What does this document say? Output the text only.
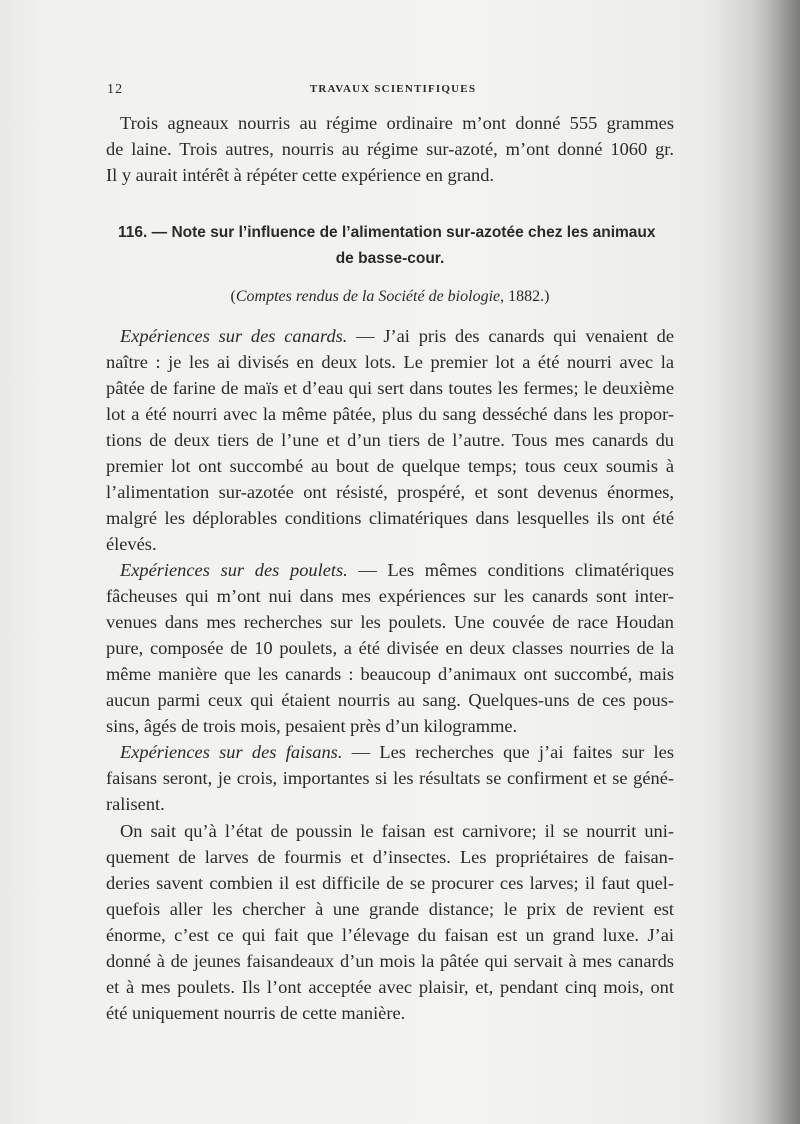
1 2	TRAVAUX SCIENTIFIQUES
Trois agneaux nourris au régime ordinaire m’ont donné 555 grammes
de laine. Trois autres, nourris au régime sur-azoté, m’ont donné 1060 gr.
Il y aurait intérêt à répéter cette expérience en grand.
116. — Note sur l’influence de l’alimentation sur-azotée chez les animaux
de basse-cour.
(Comptes rendus de la Société de biologie, 1882.)
Expériences sur des canards. — J’ai pris des canards qui venaient de
naître : je les ai divisés en deux lots. Le premier lot a été nourri avec la
pâtée de farine de maïs et d’eau qui sert dans toutes les fermes; le deuxième
lot a été nourri avec la même pâtée, plus du sang desséché dans les propor-
tions de deux tiers de l’une et d’un tiers de l’autre. Tous mes canards du
premier lot ont succombé au bout de quelque temps; tous ceux soumis à
l’alimentation sur-azotée ont résisté, prospéré, et sont devenus énormes,
malgré les déplorables conditions climatériques dans lesquelles ils ont été
élevés.
Expériences sur des poulets. — Les mêmes conditions climatériques
fâcheuses qui m’ont nui dans mes expériences sur les canards sont inter-
venues dans mes recherches sur les poulets. Une couvée de race Houdan
pure, composée de 10 poulets, a été divisée en deux classes nourries de la
même manière que les canards : beaucoup d’animaux ont succombé, mais
aucun parmi ceux qui étaient nourris au sang. Quelques-uns de ces pous-
sins, âgés de trois mois, pesaient près d’un kilogramme.
Expériences sur des faisans. — Les recherches que j’ai faites sur les
faisans seront, je crois, importantes si les résultats se confirment et se géné-
ralisent.
On sait qu’à l’état de poussin le faisan est carnivore; il se nourrit uni-
quement de larves de fourmis et d’insectes. Les propriétaires de faisan-
deries savent combien il est difficile de se procurer ces larves; il faut quel-
quefois aller les chercher à une grande distance; le prix de revient est
énorme, c’est ce qui fait que l’élevage du faisan est un grand luxe. J’ai
donné à de jeunes faisandeaux d’un mois la pâtée qui servait à mes canards
et à mes poulets. Ils l’ont acceptée avec plaisir, et, pendant cinq mois, ont
été uniquement nourris de cette manière.
